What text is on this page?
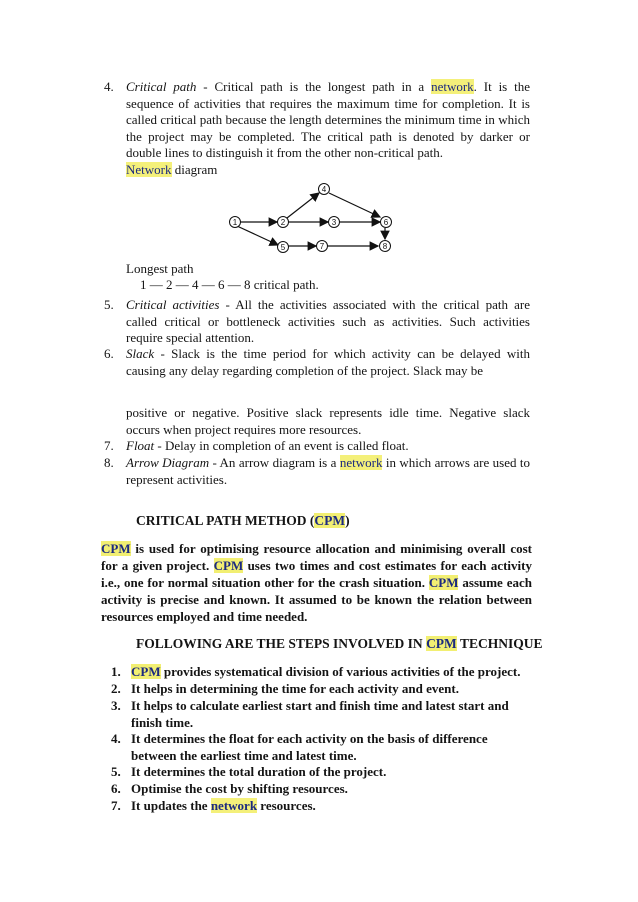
4. Critical path - Critical path is the longest path in a network. It is the sequence of activities that requires the maximum time for completion. It is called critical path because the length determines the minimum time in which the project may be completed. The critical path is denoted by darker or double lines to distinguish it from the other non-critical path.
Network diagram
1	2	3
4
5
6
7	8
Longest path
1 — 2 — 4 — 6 — 8 critical path.
5. Critical activities - All the activities associated with the critical path are called critical or bottleneck activities such as activities. Such activities require special attention.
6. Slack - Slack is the time period for which activity can be delayed with causing any delay regarding completion of the project. Slack may be
positive or negative. Positive slack represents idle time. Negative slack occurs when project requires more resources.
7. Float - Delay in completion of an event is called float.
8. Arrow Diagram - An arrow diagram is a network in which arrows are used to represent activities.
CRITICAL PATH METHOD (CPM)
CPM is used for optimising resource allocation and minimising overall cost for a given project. CPM uses two times and cost estimates for each activity i.e., one for normal situation other for the crash situation. CPM assume each activity is precise and known. It assumed to be known the relation between resources employed and time needed.
FOLLOWING ARE THE STEPS INVOLVED IN CPM TECHNIQUE
1. CPM provides systematical division of various activities of the project.
2. It helps in determining the time for each activity and event.
3. It helps to calculate earliest start and finish time and latest start and finish time.
4. It determines the float for each activity on the basis of difference between the earliest time and latest time.
5. It determines the total duration of the project.
6. Optimise the cost by shifting resources.
7. It updates the network resources.
